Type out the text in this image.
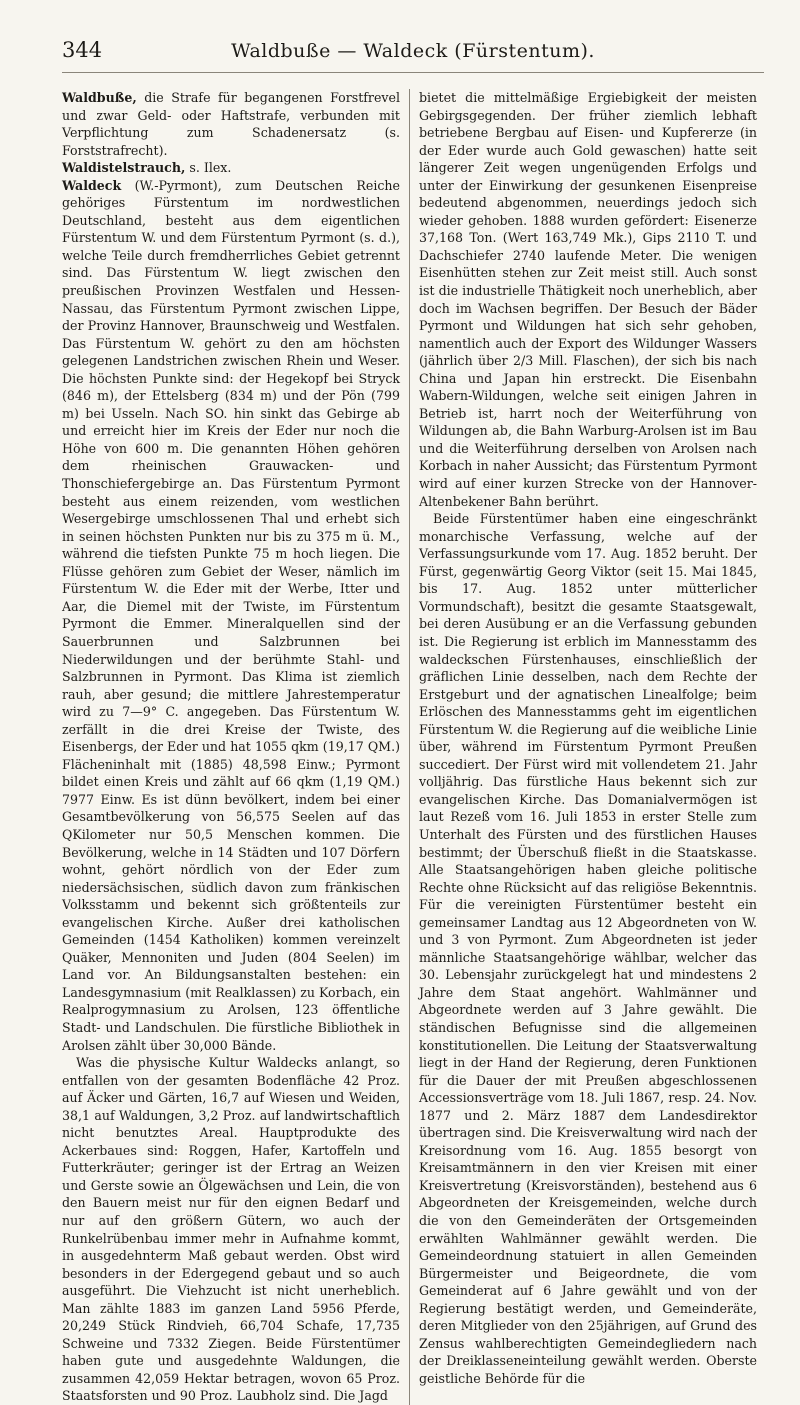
344	Waldbuße — Waldeck (Fürstentum).

Waldbuße, die Strafe für begangenen Forstfrevel und zwar Geld- oder Haftstrafe, verbunden mit Verpflichtung zum Schadenersatz (s. Forststrafrecht).

Waldistelstrauch, s. Ilex.

Waldeck (W.-Pyrmont), zum Deutschen Reiche gehöriges Fürstentum im nordwestlichen Deutschland, besteht aus dem eigentlichen Fürstentum W. und dem Fürstentum Pyrmont (s. d.), welche Teile durch fremdherrliches Gebiet getrennt sind. Das Fürstentum W. liegt zwischen den preußischen Provinzen Westfalen und Hessen-Nassau, das Fürstentum Pyrmont zwischen Lippe, der Provinz Hannover, Braunschweig und Westfalen. Das Fürstentum W. gehört zu den am höchsten gelegenen Landstrichen zwischen Rhein und Weser. Die höchsten Punkte sind: der Hegekopf bei Stryck (846 m), der Ettelsberg (834 m) und der Pön (799 m) bei Usseln. Nach SO. hin sinkt das Gebirge ab und erreicht hier im Kreis der Eder nur noch die Höhe von 600 m. Die genannten Höhen gehören dem rheinischen Grauwacken- und Thonschiefergebirge an. Das Fürstentum Pyrmont besteht aus einem reizenden, vom westlichen Wesergebirge umschlossenen Thal und erhebt sich in seinen höchsten Punkten nur bis zu 375 m ü. M., während die tiefsten Punkte 75 m hoch liegen. Die Flüsse gehören zum Gebiet der Weser, nämlich im Fürstentum W. die Eder mit der Werbe, Itter und Aar, die Diemel mit der Twiste, im Fürstentum Pyrmont die Emmer. Mineralquellen sind der Sauerbrunnen und Salzbrunnen bei Niederwildungen und der berühmte Stahl- und Salzbrunnen in Pyrmont. Das Klima ist ziemlich rauh, aber gesund; die mittlere Jahrestemperatur wird zu 7—9° C. angegeben. Das Fürstentum W. zerfällt in die drei Kreise der Twiste, des Eisenbergs, der Eder und hat 1055 qkm (19,17 QM.) Flächeninhalt mit (1885) 48,598 Einw.; Pyrmont bildet einen Kreis und zählt auf 66 qkm (1,19 QM.) 7977 Einw. Es ist dünn bevölkert, indem bei einer Gesamtbevölkerung von 56,575 Seelen auf das QKilometer nur 50,5 Menschen kommen. Die Bevölkerung, welche in 14 Städten und 107 Dörfern wohnt, gehört nördlich von der Eder zum niedersächsischen, südlich davon zum fränkischen Volksstamm und bekennt sich größtenteils zur evangelischen Kirche. Außer drei katholischen Gemeinden (1454 Katholiken) kommen vereinzelt Quäker, Mennoniten und Juden (804 Seelen) im Land vor. An Bildungsanstalten bestehen: ein Landesgymnasium (mit Realklassen) zu Korbach, ein Realprogymnasium zu Arolsen, 123 öffentliche Stadt- und Landschulen. Die fürstliche Bibliothek in Arolsen zählt über 30,000 Bände.

Was die physische Kultur Waldecks anlangt, so entfallen von der gesamten Bodenfläche 42 Proz. auf Äcker und Gärten, 16,7 auf Wiesen und Weiden, 38,1 auf Waldungen, 3,2 Proz. auf landwirtschaftlich nicht benutztes Areal. Hauptprodukte des Ackerbaues sind: Roggen, Hafer, Kartoffeln und Futterkräuter; geringer ist der Ertrag an Weizen und Gerste sowie an Ölgewächsen und Lein, die von den Bauern meist nur für den eignen Bedarf und nur auf den größern Gütern, wo auch der Runkelrübenbau immer mehr in Aufnahme kommt, in ausgedehnterm Maß gebaut werden. Obst wird besonders in der Edergegend gebaut und so auch ausgeführt. Die Viehzucht ist nicht unerheblich. Man zählte 1883 im ganzen Land 5956 Pferde, 20,249 Stück Rindvieh, 66,704 Schafe, 17,735 Schweine und 7332 Ziegen. Beide Fürstentümer haben gute und ausgedehnte Waldungen, die zusammen 42,059 Hektar betragen, wovon 65 Proz. Staatsforsten und 90 Proz. Laubholz sind. Die Jagd

bietet die mittelmäßige Ergiebigkeit der meisten Gebirgsgegenden. Der früher ziemlich lebhaft betriebene Bergbau auf Eisen- und Kupfererze (in der Eder wurde auch Gold gewaschen) hatte seit längerer Zeit wegen ungenügenden Erfolgs und unter der Einwirkung der gesunkenen Eisenpreise bedeutend abgenommen, neuerdings jedoch sich wieder gehoben. 1888 wurden gefördert: Eisenerze 37,168 Ton. (Wert 163,749 Mk.), Gips 2110 T. und Dachschiefer 2740 laufende Meter. Die wenigen Eisenhütten stehen zur Zeit meist still. Auch sonst ist die industrielle Thätigkeit noch unerheblich, aber doch im Wachsen begriffen. Der Besuch der Bäder Pyrmont und Wildungen hat sich sehr gehoben, namentlich auch der Export des Wildunger Wassers (jährlich über 2/3 Mill. Flaschen), der sich bis nach China und Japan hin erstreckt. Die Eisenbahn Wabern-Wildungen, welche seit einigen Jahren in Betrieb ist, harrt noch der Weiterführung von Wildungen ab, die Bahn Warburg-Arolsen ist im Bau und die Weiterführung derselben von Arolsen nach Korbach in naher Aussicht; das Fürstentum Pyrmont wird auf einer kurzen Strecke von der Hannover-Altenbekener Bahn berührt.

Beide Fürstentümer haben eine eingeschränkt monarchische Verfassung, welche auf der Verfassungsurkunde vom 17. Aug. 1852 beruht. Der Fürst, gegenwärtig Georg Viktor (seit 15. Mai 1845, bis 17. Aug. 1852 unter mütterlicher Vormundschaft), besitzt die gesamte Staatsgewalt, bei deren Ausübung er an die Verfassung gebunden ist. Die Regierung ist erblich im Mannesstamm des waldeckschen Fürstenhauses, einschließlich der gräflichen Linie desselben, nach dem Rechte der Erstgeburt und der agnatischen Linealfolge; beim Erlöschen des Mannesstamms geht im eigentlichen Fürstentum W. die Regierung auf die weibliche Linie über, während im Fürstentum Pyrmont Preußen succediert. Der Fürst wird mit vollendetem 21. Jahr volljährig. Das fürstliche Haus bekennt sich zur evangelischen Kirche. Das Domanialvermögen ist laut Rezeß vom 16. Juli 1853 in erster Stelle zum Unterhalt des Fürsten und des fürstlichen Hauses bestimmt; der Überschuß fließt in die Staatskasse. Alle Staatsangehörigen haben gleiche politische Rechte ohne Rücksicht auf das religiöse Bekenntnis. Für die vereinigten Fürstentümer besteht ein gemeinsamer Landtag aus 12 Abgeordneten von W. und 3 von Pyrmont. Zum Abgeordneten ist jeder männliche Staatsangehörige wählbar, welcher das 30. Lebensjahr zurückgelegt hat und mindestens 2 Jahre dem Staat angehört. Wahlmänner und Abgeordnete werden auf 3 Jahre gewählt. Die ständischen Befugnisse sind die allgemeinen konstitutionellen. Die Leitung der Staatsverwaltung liegt in der Hand der Regierung, deren Funktionen für die Dauer der mit Preußen abgeschlossenen Accessionsverträge vom 18. Juli 1867, resp. 24. Nov. 1877 und 2. März 1887 dem Landesdirektor übertragen sind. Die Kreisverwaltung wird nach der Kreisordnung vom 16. Aug. 1855 besorgt von Kreisamtmännern in den vier Kreisen mit einer Kreisvertretung (Kreisvorständen), bestehend aus 6 Abgeordneten der Kreisgemeinden, welche durch die von den Gemeinderäten der Ortsgemeinden erwählten Wahlmänner gewählt werden. Die Gemeindeordnung statuiert in allen Gemeinden Bürgermeister und Beigeordnete, die vom Gemeinderat auf 6 Jahre gewählt und von der Regierung bestätigt werden, und Gemeinderäte, deren Mitglieder von den 25jährigen, auf Grund des Zensus wahlberechtigten Gemeindegliedern nach der Dreiklasseneinteilung gewählt werden. Oberste geistliche Behörde für die
